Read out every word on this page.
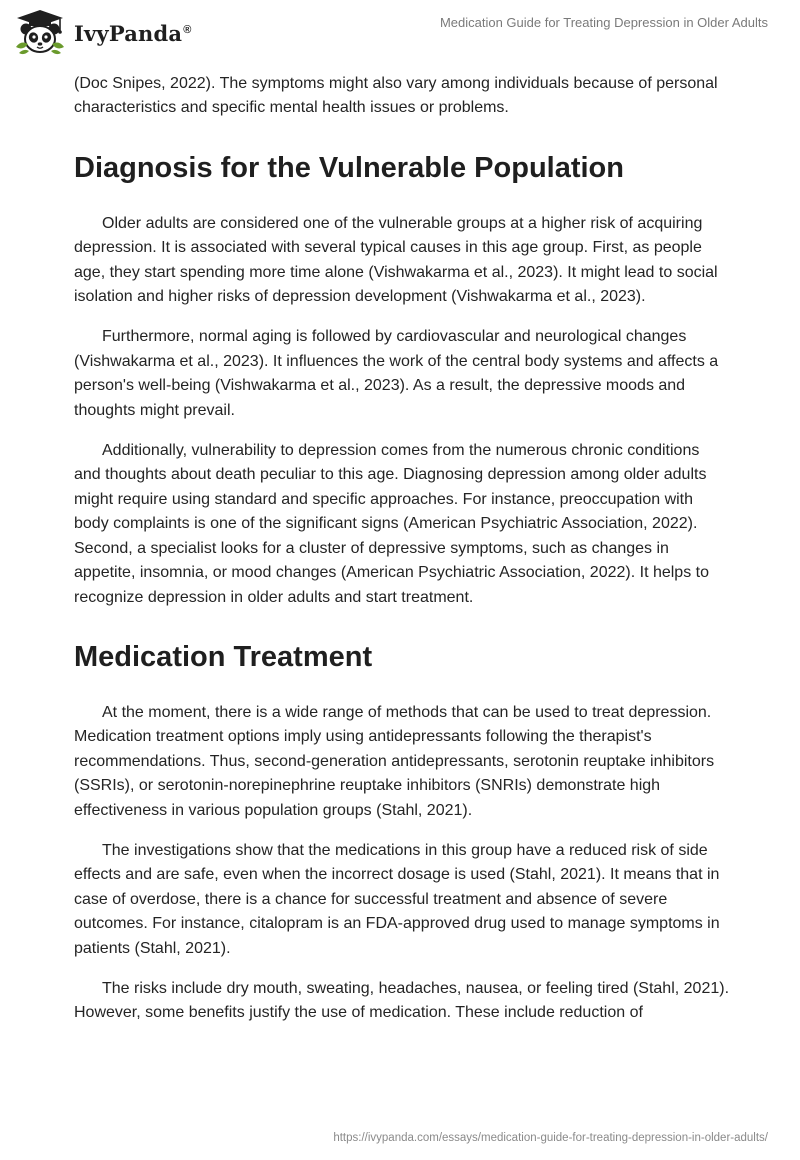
IvyPanda®	Medication Guide for Treating Depression in Older Adults

(Doc Snipes, 2022). The symptoms might also vary among individuals because of personal characteristics and specific mental health issues or problems.

Diagnosis for the Vulnerable Population

Older adults are considered one of the vulnerable groups at a higher risk of acquiring depression. It is associated with several typical causes in this age group. First, as people age, they start spending more time alone (Vishwakarma et al., 2023). It might lead to social isolation and higher risks of depression development (Vishwakarma et al., 2023).

Furthermore, normal aging is followed by cardiovascular and neurological changes (Vishwakarma et al., 2023). It influences the work of the central body systems and affects a person's well-being (Vishwakarma et al., 2023). As a result, the depressive moods and thoughts might prevail.

Additionally, vulnerability to depression comes from the numerous chronic conditions and thoughts about death peculiar to this age. Diagnosing depression among older adults might require using standard and specific approaches. For instance, preoccupation with body complaints is one of the significant signs (American Psychiatric Association, 2022). Second, a specialist looks for a cluster of depressive symptoms, such as changes in appetite, insomnia, or mood changes (American Psychiatric Association, 2022). It helps to recognize depression in older adults and start treatment.

Medication Treatment

At the moment, there is a wide range of methods that can be used to treat depression. Medication treatment options imply using antidepressants following the therapist's recommendations. Thus, second-generation antidepressants, serotonin reuptake inhibitors (SSRIs), or serotonin-norepinephrine reuptake inhibitors (SNRIs) demonstrate high effectiveness in various population groups (Stahl, 2021).

The investigations show that the medications in this group have a reduced risk of side effects and are safe, even when the incorrect dosage is used (Stahl, 2021). It means that in case of overdose, there is a chance for successful treatment and absence of severe outcomes. For instance, citalopram is an FDA-approved drug used to manage symptoms in patients (Stahl, 2021).

The risks include dry mouth, sweating, headaches, nausea, or feeling tired (Stahl, 2021). However, some benefits justify the use of medication. These include reduction of

https://ivypanda.com/essays/medication-guide-for-treating-depression-in-older-adults/
